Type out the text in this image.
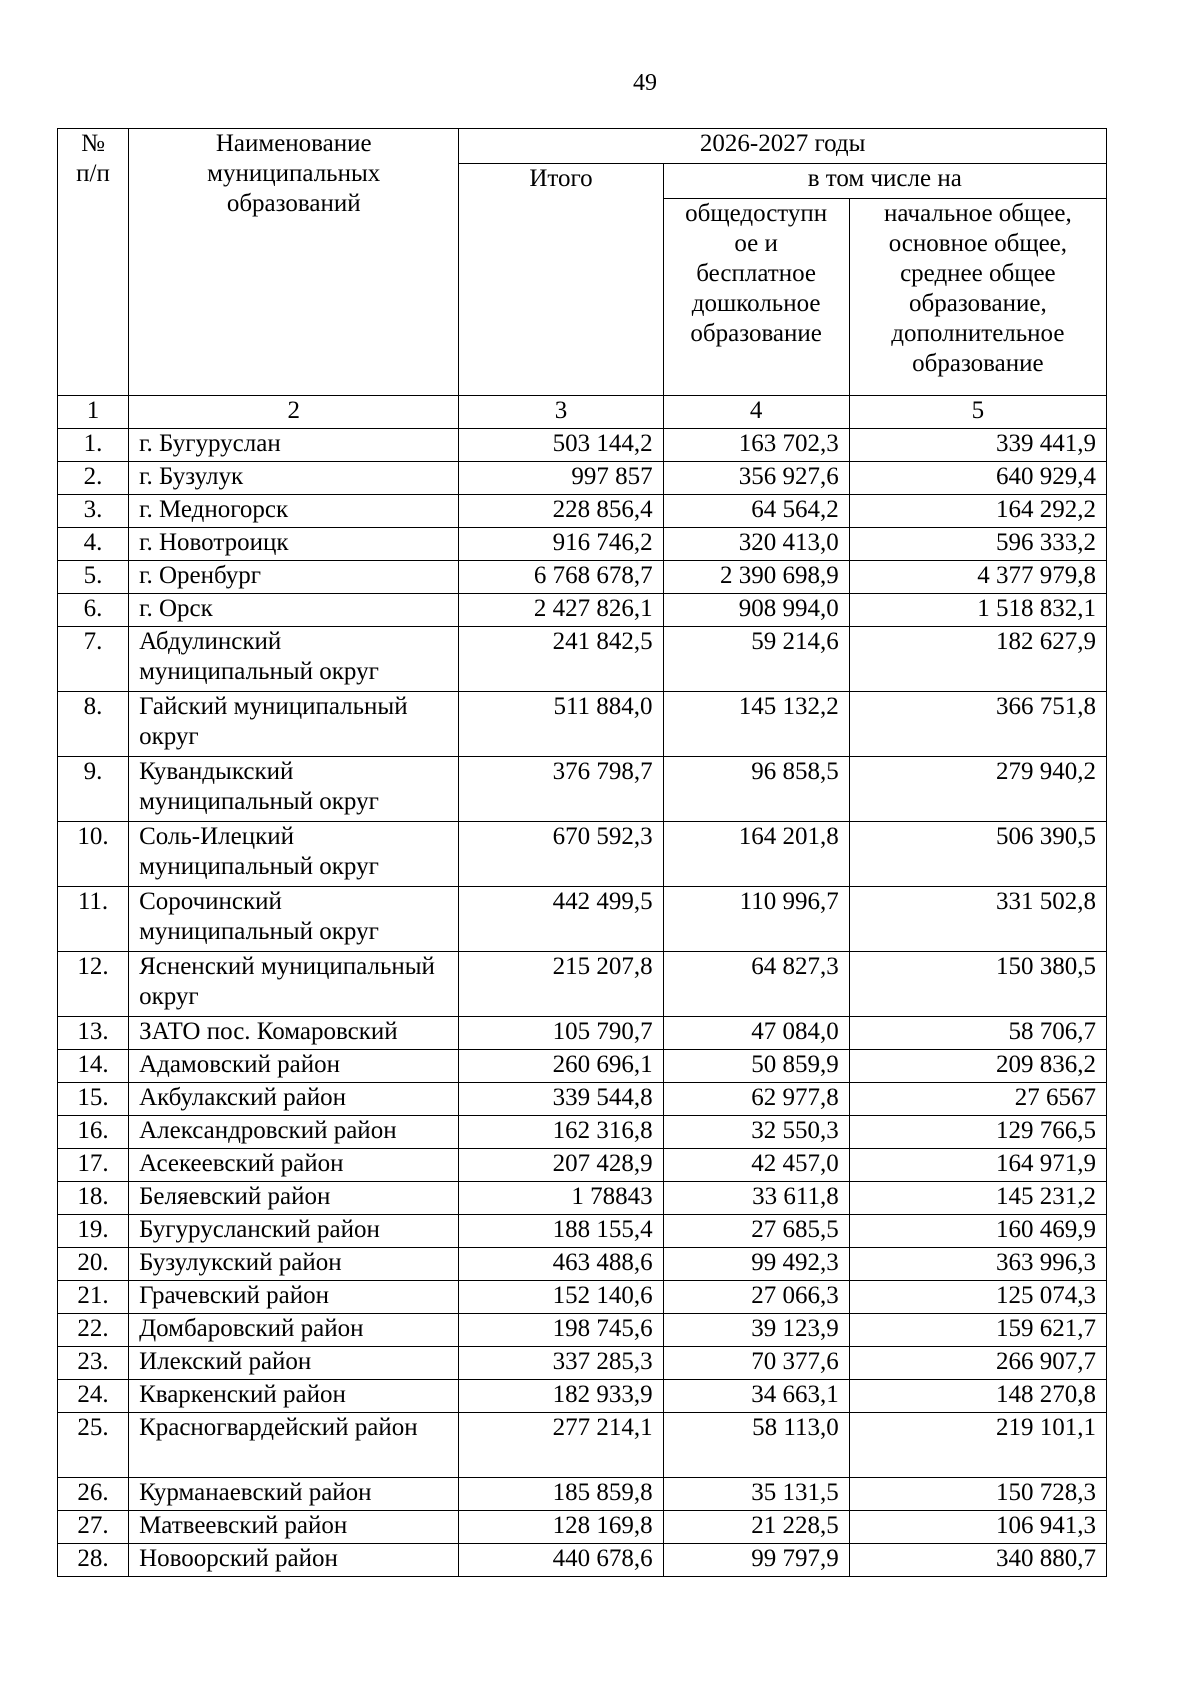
49
№ п/п	Наименование муниципальных образований	2026-2027 годы		
		Итого	в том числе на	
			общедоступн ое и бесплатное дошкольное образование	начальное общее, основное общее, среднее общее образование, дополнительное образование
1	2	3	4	5
1.	г. Бугуруслан	503 144,2	163 702,3	339 441,9
2.	г. Бузулук	997 857	356 927,6	640 929,4
3.	г. Медногорск	228 856,4	64 564,2	164 292,2
4.	г. Новотроицк	916 746,2	320 413,0	596 333,2
5.	г. Оренбург	6 768 678,7	2 390 698,9	4 377 979,8
6.	г. Орск	2 427 826,1	908 994,0	1 518 832,1
7.	Абдулинский муниципальный округ	241 842,5	59 214,6	182 627,9
8.	Гайский муниципальный округ	511 884,0	145 132,2	366 751,8
9.	Кувандыкский муниципальный округ	376 798,7	96 858,5	279 940,2
10.	Соль-Илецкий муниципальный округ	670 592,3	164 201,8	506 390,5
11.	Сорочинский муниципальный округ	442 499,5	110 996,7	331 502,8
12.	Ясненский муниципальный округ	215 207,8	64 827,3	150 380,5
13.	ЗАТО пос. Комаровский	105 790,7	47 084,0	58 706,7
14.	Адамовский район	260 696,1	50 859,9	209 836,2
15.	Акбулакский район	339 544,8	62 977,8	27 6567
16.	Александровский район	162 316,8	32 550,3	129 766,5
17.	Асекеевский район	207 428,9	42 457,0	164 971,9
18.	Беляевский район	1 78843	33 611,8	145 231,2
19.	Бугурусланский район	188 155,4	27 685,5	160 469,9
20.	Бузулукский район	463 488,6	99 492,3	363 996,3
21.	Грачевский район	152 140,6	27 066,3	125 074,3
22.	Домбаровский район	198 745,6	39 123,9	159 621,7
23.	Илекский район	337 285,3	70 377,6	266 907,7
24.	Кваркенский район	182 933,9	34 663,1	148 270,8
25.	Красногвардейский район	277 214,1	58 113,0	219 101,1
26.	Курманаевский район	185 859,8	35 131,5	150 728,3
27.	Матвеевский район	128 169,8	21 228,5	106 941,3
28.	Новоорский район	440 678,6	99 797,9	340 880,7
